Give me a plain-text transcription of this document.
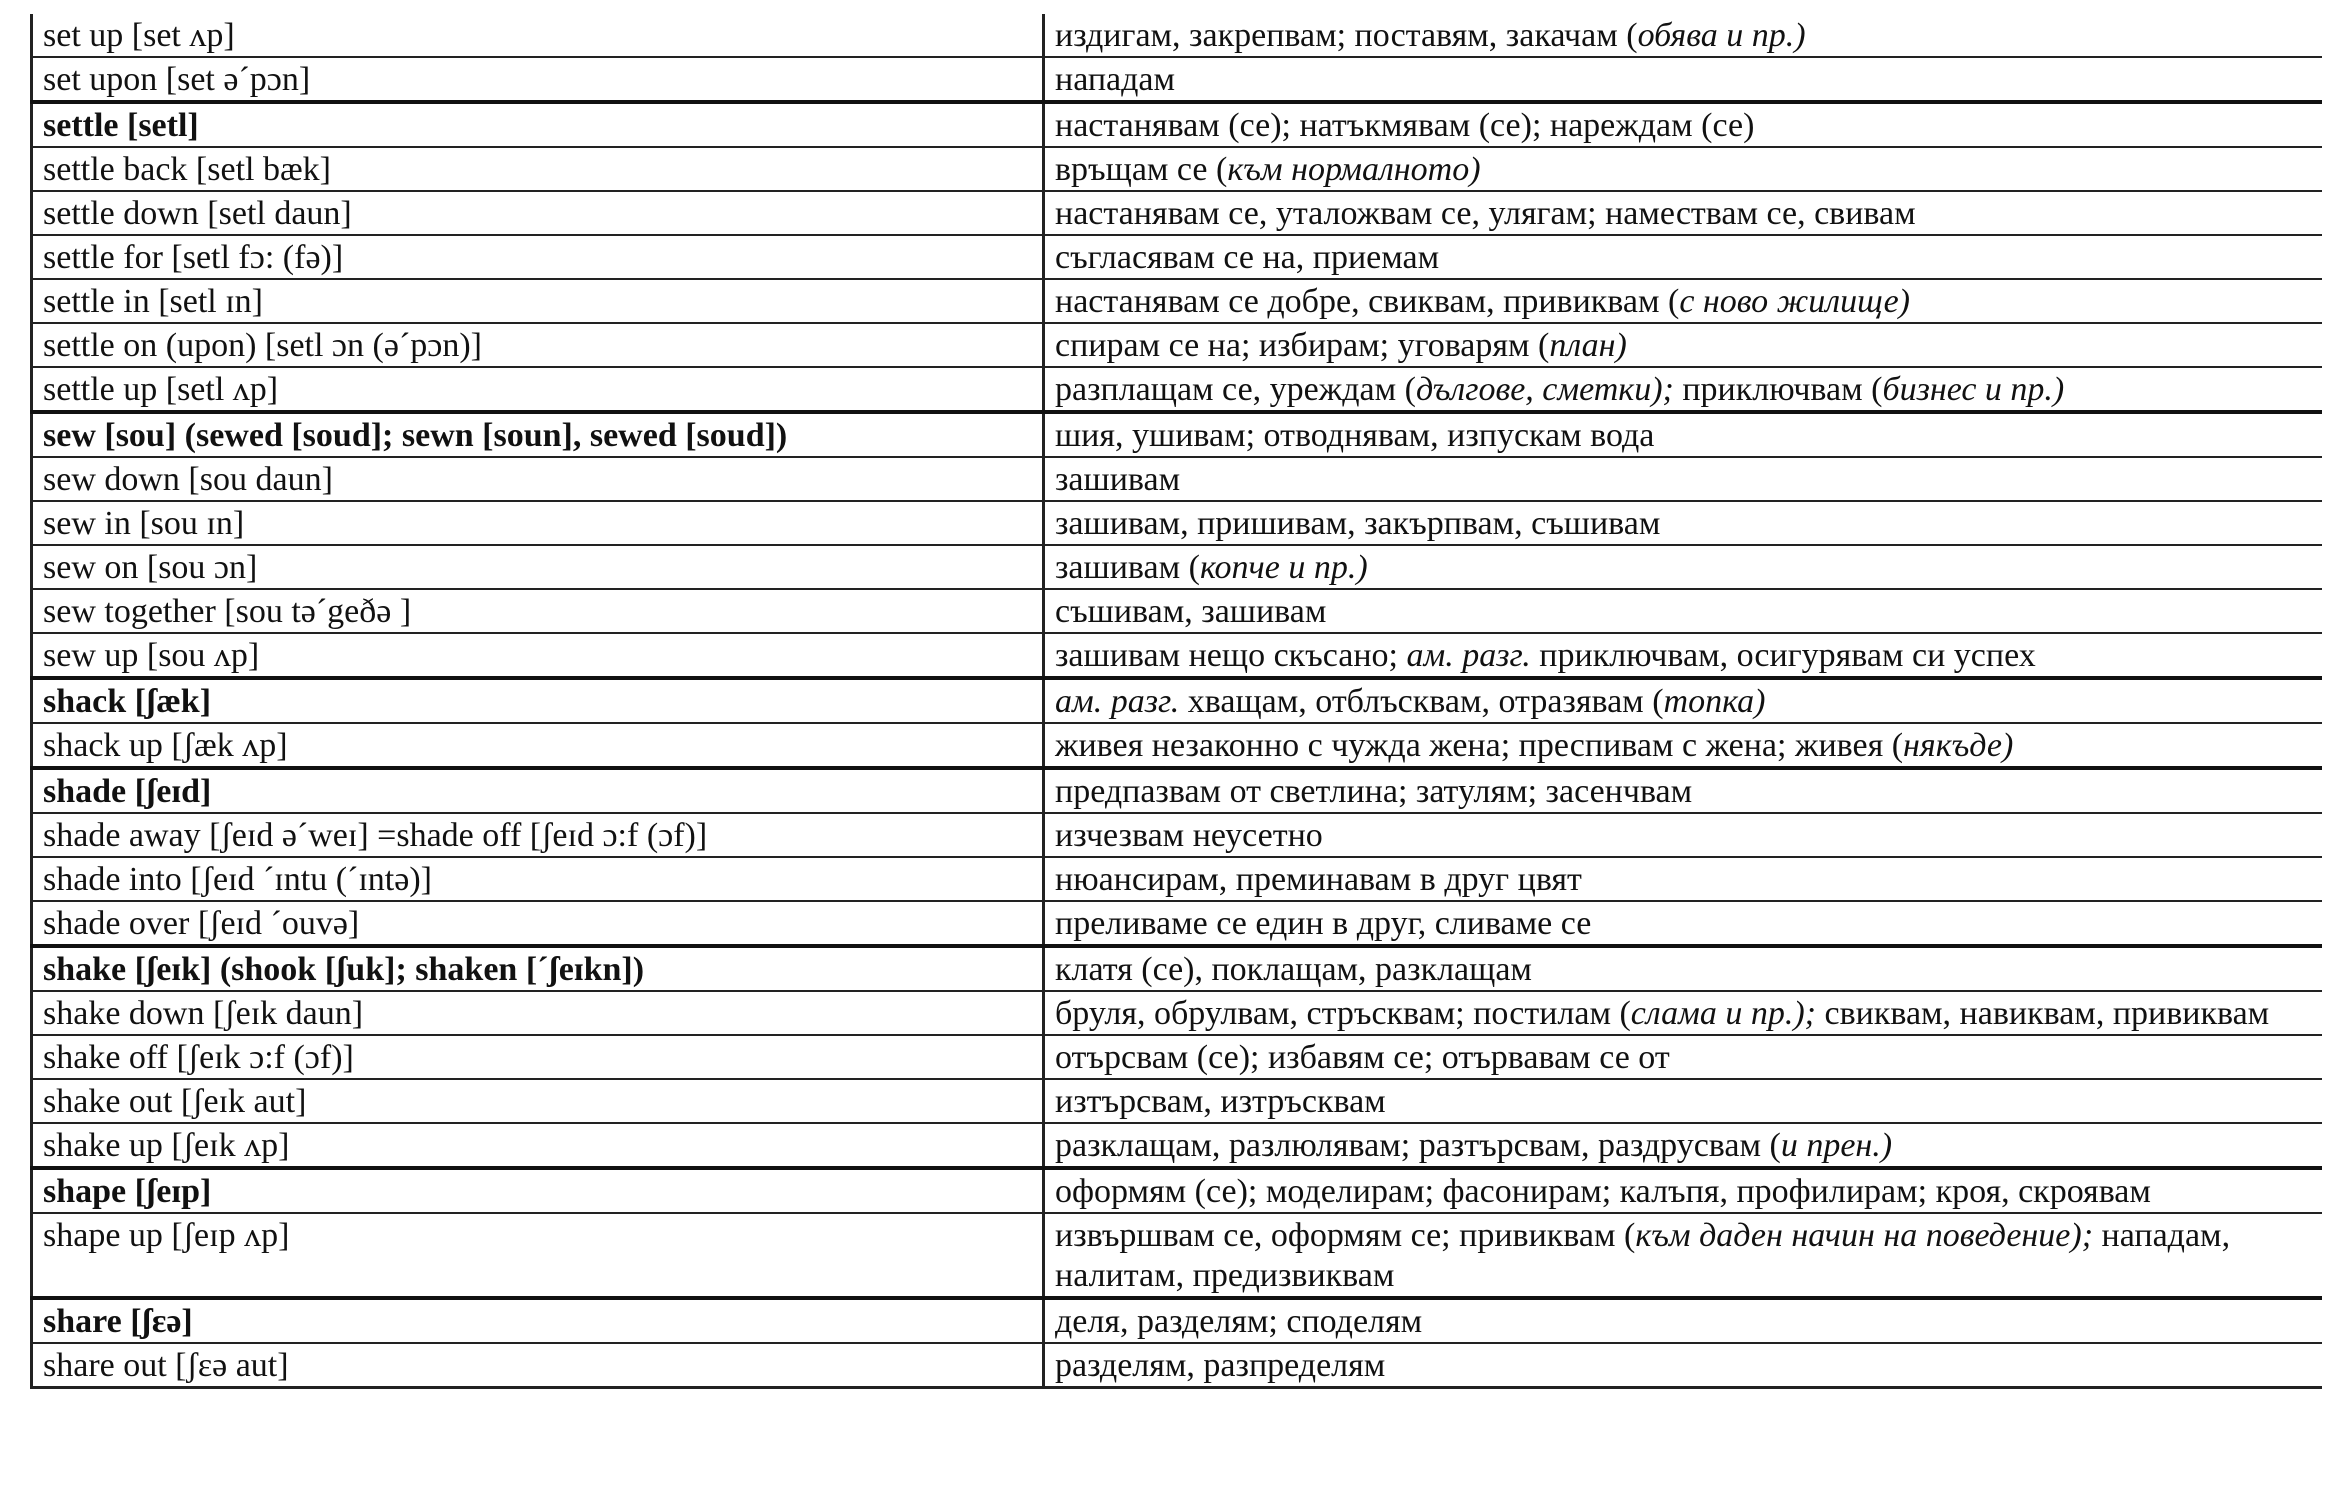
set up [set ʌp]	издигам, закрепвам; поставям, закачам (обява и пр.)
set upon [set əˊpɔn]	нападам
settle [setl]	настанявам (се); натъкмявам (се); нареждам (се)
settle back [setl bæk]	връщам се (към нормалното)
settle down [setl daun]	настанявам се, уталожвам се, улягам; намествам се, свивам
settle for [setl fɔ: (fə)]	съгласявам се на, приемам
settle in [setl ɪn]	настанявам се добре, свиквам, привиквам (с ново жилище)
settle on (upon) [setl ɔn (əˊpɔn)]	спирам се на; избирам; уговарям (план)
settle up [setl ʌp]	разплащам се, уреждам (дългове, сметки); приключвам (бизнес и пр.)
sew [sou] (sewed [soud]; sewn [soun], sewed [soud])	шия, ушивам; отводнявам, изпускам вода
sew down [sou daun]	зашивам
sew in [sou ɪn]	зашивам, пришивам, закърпвам, съшивам
sew on [sou ɔn]	зашивам (копче и пр.)
sew together [sou təˊgeðə ]	съшивам, зашивам
sew up [sou ʌp]	зашивам нещо скъсано; ам. разг. приключвам, осигурявам си успех
shack [ʃæk]	ам. разг. хващам, отблъсквам, отразявам (топка)
shack up [ʃæk ʌp]	живея незаконно с чужда жена; преспивам с жена; живея (някъде)
shade [ʃeɪd]	предпазвам от светлина; затулям; засенчвам
shade away [ʃeɪd əˊweɪ] =shade off [ʃeɪd ɔ:f (ɔf)]	изчезвам неусетно
shade into [ʃeɪd ˊɪntu (ˊɪntə)]	нюансирам, преминавам в друг цвят
shade over [ʃeɪd ˊouvə]	преливаме се един в друг, сливаме се
shake [ʃeɪk] (shook [ʃuk]; shaken [ˊʃeɪkn])	клатя (се), поклащам, разклащам
shake down [ʃeɪk daun]	бруля, обрулвам, стръсквам; постилам (слама и пр.); свиквам, навиквам, привиквам
shake off [ʃeɪk ɔ:f (ɔf)]	отърсвам (се); избавям се; отървавам се от
shake out [ʃeɪk aut]	изтърсвам, изтръсквам
shake up [ʃeɪk ʌp]	разклащам, разлюлявам; разтърсвам, раздрусвам (и прен.)
shape [ʃeɪp]	оформям (се); моделирам; фасонирам; калъпя, профилирам; кроя, скроявам
shape up [ʃeɪp ʌp]	извършвам се, оформям се; привиквам (към даден начин на поведение); нападам, налитам, предизвиквам
share [ʃɛə]	деля, разделям; споделям
share out [ʃɛə aut]	разделям, разпределям
